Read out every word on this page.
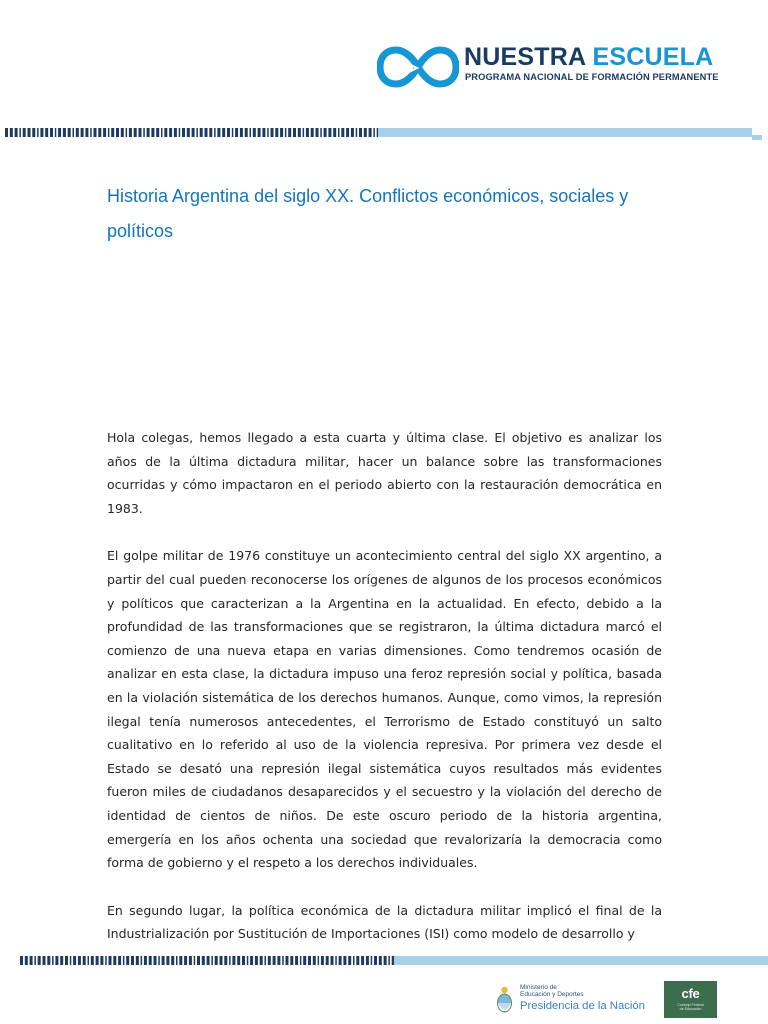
NUESTRA ESCUELA
PROGRAMA NACIONAL DE FORMACIÓN PERMANENTE
Historia Argentina del siglo XX. Conflictos económicos, sociales y políticos

Hola colegas, hemos llegado a esta cuarta y última clase. El objetivo es analizar los años de la última dictadura militar, hacer un balance sobre las transformaciones ocurridas y cómo impactaron en el periodo abierto con la restauración democrática en 1983.

El golpe militar de 1976 constituye un acontecimiento central del siglo XX argentino, a partir del cual pueden reconocerse los orígenes de algunos de los procesos económicos y políticos que caracterizan a la Argentina en la actualidad. En efecto, debido a la profundidad de las transformaciones que se registraron, la última dictadura marcó el comienzo de una nueva etapa en varias dimensiones. Como tendremos ocasión de analizar en esta clase, la dictadura impuso una feroz represión social y política, basada en la violación sistemática de los derechos humanos. Aunque, como vimos, la represión ilegal tenía numerosos antecedentes, el Terrorismo de Estado constituyó un salto cualitativo en lo referido al uso de la violencia represiva. Por primera vez desde el Estado se desató una represión ilegal sistemática cuyos resultados más evidentes fueron miles de ciudadanos desaparecidos y el secuestro y la violación del derecho de identidad de cientos de niños. De este oscuro periodo de la historia argentina, emergería en los años ochenta una sociedad que revalorizaría la democracia como forma de gobierno y el respeto a los derechos individuales.

En segundo lugar, la política económica de la dictadura militar implicó el final de la Industrialización por Sustitución de Importaciones (ISI) como modelo de desarrollo y

Ministerio de
Educación y Deportes
Presidencia de la Nación
cfe
Consejo Federal
de Educación
